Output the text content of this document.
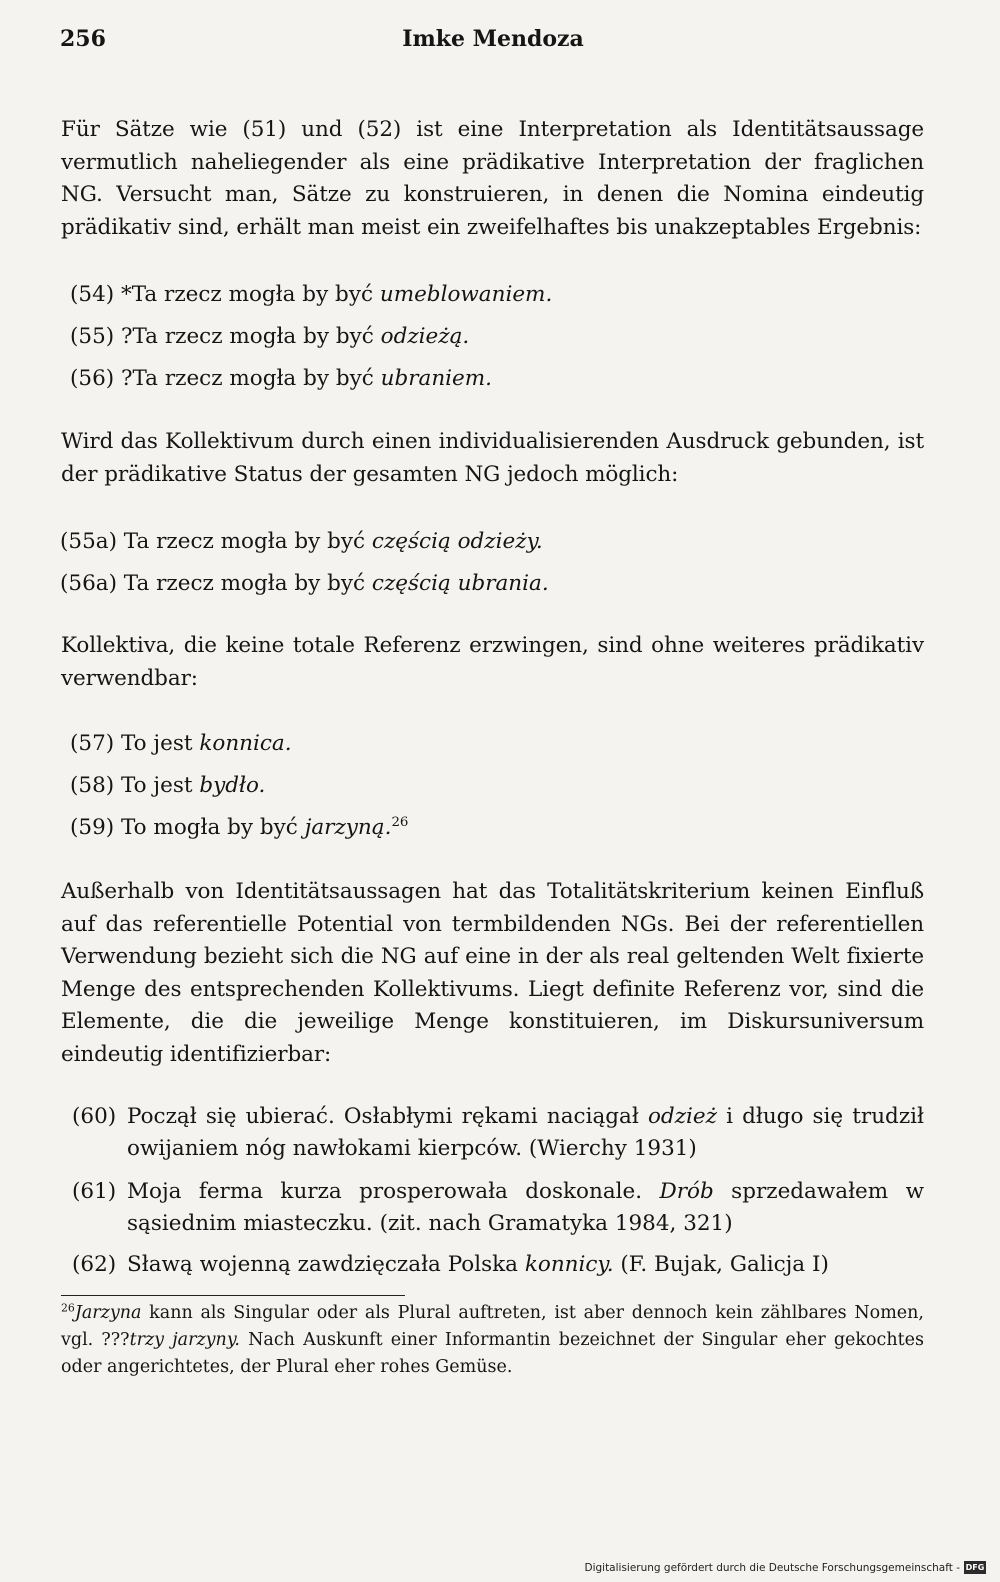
256	Imke Mendoza

Für Sätze wie (51) und (52) ist eine Interpretation als Identitätsaussage vermutlich naheliegender als eine prädikative Interpretation der fraglichen NG. Versucht man, Sätze zu konstruieren, in denen die Nomina eindeutig prädikativ sind, erhält man meist ein zweifelhaftes bis unakzeptables Ergebnis:

(54) *Ta rzecz mogła by być umeblowaniem.
(55) ?Ta rzecz mogła by być odzieżą.
(56) ?Ta rzecz mogła by być ubraniem.

Wird das Kollektivum durch einen individualisierenden Ausdruck gebunden, ist der prädikative Status der gesamten NG jedoch möglich:

(55a) Ta rzecz mogła by być częścią odzieży.
(56a) Ta rzecz mogła by być częścią ubrania.

Kollektiva, die keine totale Referenz erzwingen, sind ohne weiteres prädikativ verwendbar:

(57) To jest konnica.
(58) To jest bydło.
(59) To mogła by być jarzyną.$^{26}$

Außerhalb von Identitätsaussagen hat das Totalitätskriterium keinen Einfluß auf das referentielle Potential von termbildenden NGs. Bei der referentiellen Verwendung bezieht sich die NG auf eine in der als real geltenden Welt fixierte Menge des entsprechenden Kollektivums. Liegt definite Referenz vor, sind die Elemente, die die jeweilige Menge konstituieren, im Diskursuniversum eindeutig identifizierbar:

(60) Począł się ubierać. Osłabłymi rękami naciągał odzież i długo się trudził owijaniem nóg nawłokami kierpców. (Wierchy 1931)
(61) Moja ferma kurza prosperowała doskonale. Drób sprzedawałem w sąsiednim miasteczku. (zit. nach Gramatyka 1984, 321)
(62) Sławą wojenną zawdzięczała Polska konnicy. (F. Bujak, Galicja I)
$^{26}$Jarzyna kann als Singular oder als Plural auftreten, ist aber dennoch kein zählbares Nomen, vgl. ???trzy jarzyny. Nach Auskunft einer Informantin bezeichnet der Singular eher gekochtes oder angerichtetes, der Plural eher rohes Gemüse.
Digitalisierung gefördert durch die Deutsche Forschungsgemeinschaft - DFG
